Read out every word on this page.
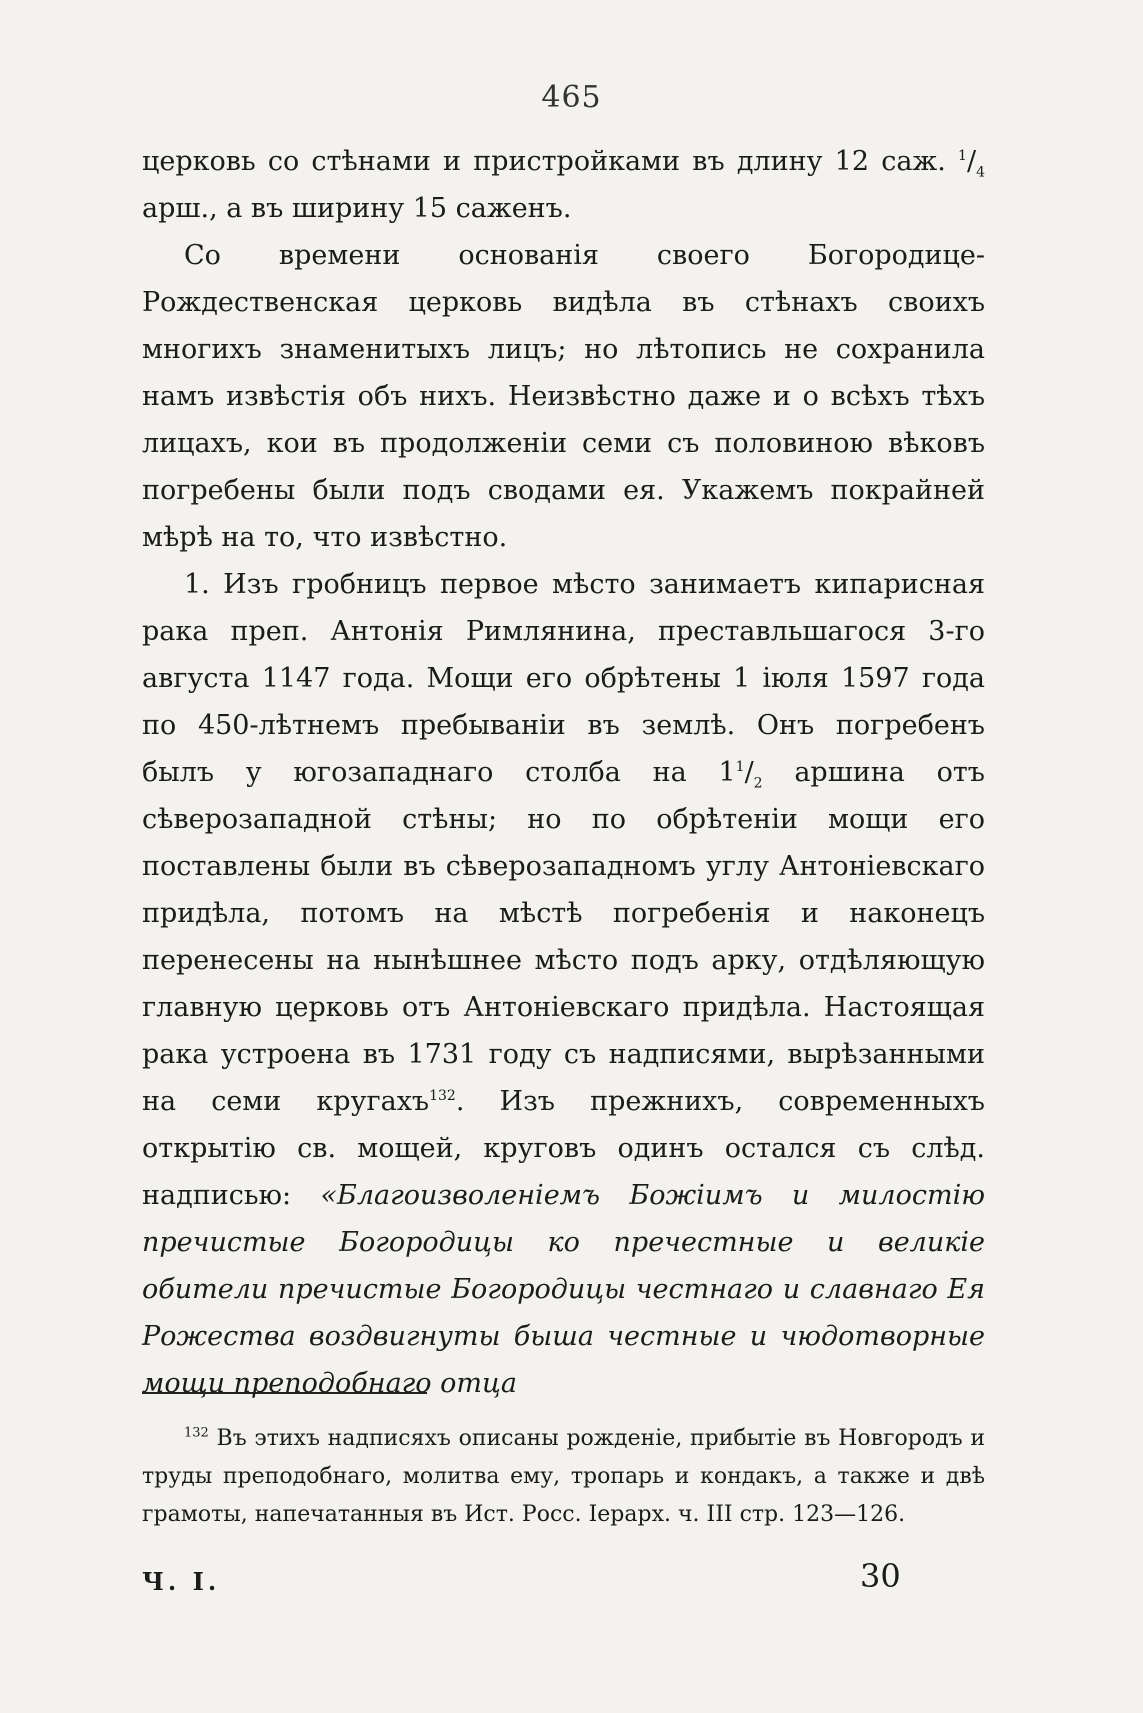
465

церковь со стѣнами и пристройками въ длину 12 саж. $^1/_4$ арш., а въ ширину 15 саженъ.

Со времени основанія своего Богородице-Рождественская церковь видѣла въ стѣнахъ своихъ многихъ знаменитыхъ лицъ; но лѣтопись не сохранила намъ извѣстія объ нихъ. Неизвѣстно даже и о всѣхъ тѣхъ лицахъ, кои въ продолженіи семи съ половиною вѣковъ погребены были подъ сводами ея. Укажемъ покрайней мѣрѣ на то, что извѣстно.

1. Изъ гробницъ первое мѣсто занимаетъ кипарисная рака преп. Антонія Римлянина, преставльшагося 3-го августа 1147 года. Мощи его обрѣтены 1 іюля 1597 года по 450-лѣтнемъ пребываніи въ землѣ. Онъ погребенъ былъ у югозападнаго столба на $1^1/_2$ аршина отъ сѣверозападной стѣны; но по обрѣтеніи мощи его поставлены были въ сѣверозападномъ углу Антоніевскаго придѣла, потомъ на мѣстѣ погребенія и наконецъ перенесены на нынѣшнее мѣсто подъ арку, отдѣляющую главную церковь отъ Антоніевскаго придѣла. Настоящая рака устроена въ 1731 году съ надписями, вырѣзанными на семи кругахъ$^{132}$. Изъ прежнихъ, современныхъ открытію св. мощей, круговъ одинъ остался съ слѣд. надписью: «Благоизволеніемъ Божіимъ и милостію пречистые Богородицы ко пречестные и великіе обители пречистые Богородицы честнаго и славнаго Ея Рожества воздвигнуты быша честные и чюдотворные мощи преподобнаго отца

$^{132}$ Въ этихъ надписяхъ описаны рожденіе, прибытіе въ Новгородъ и труды преподобнаго, молитва ему, тропарь и кондакъ, а также и двѣ грамоты, напечатанныя въ Ист. Росс. Іерарх. ч. III стр. 123—126.

Ч. I.	30
